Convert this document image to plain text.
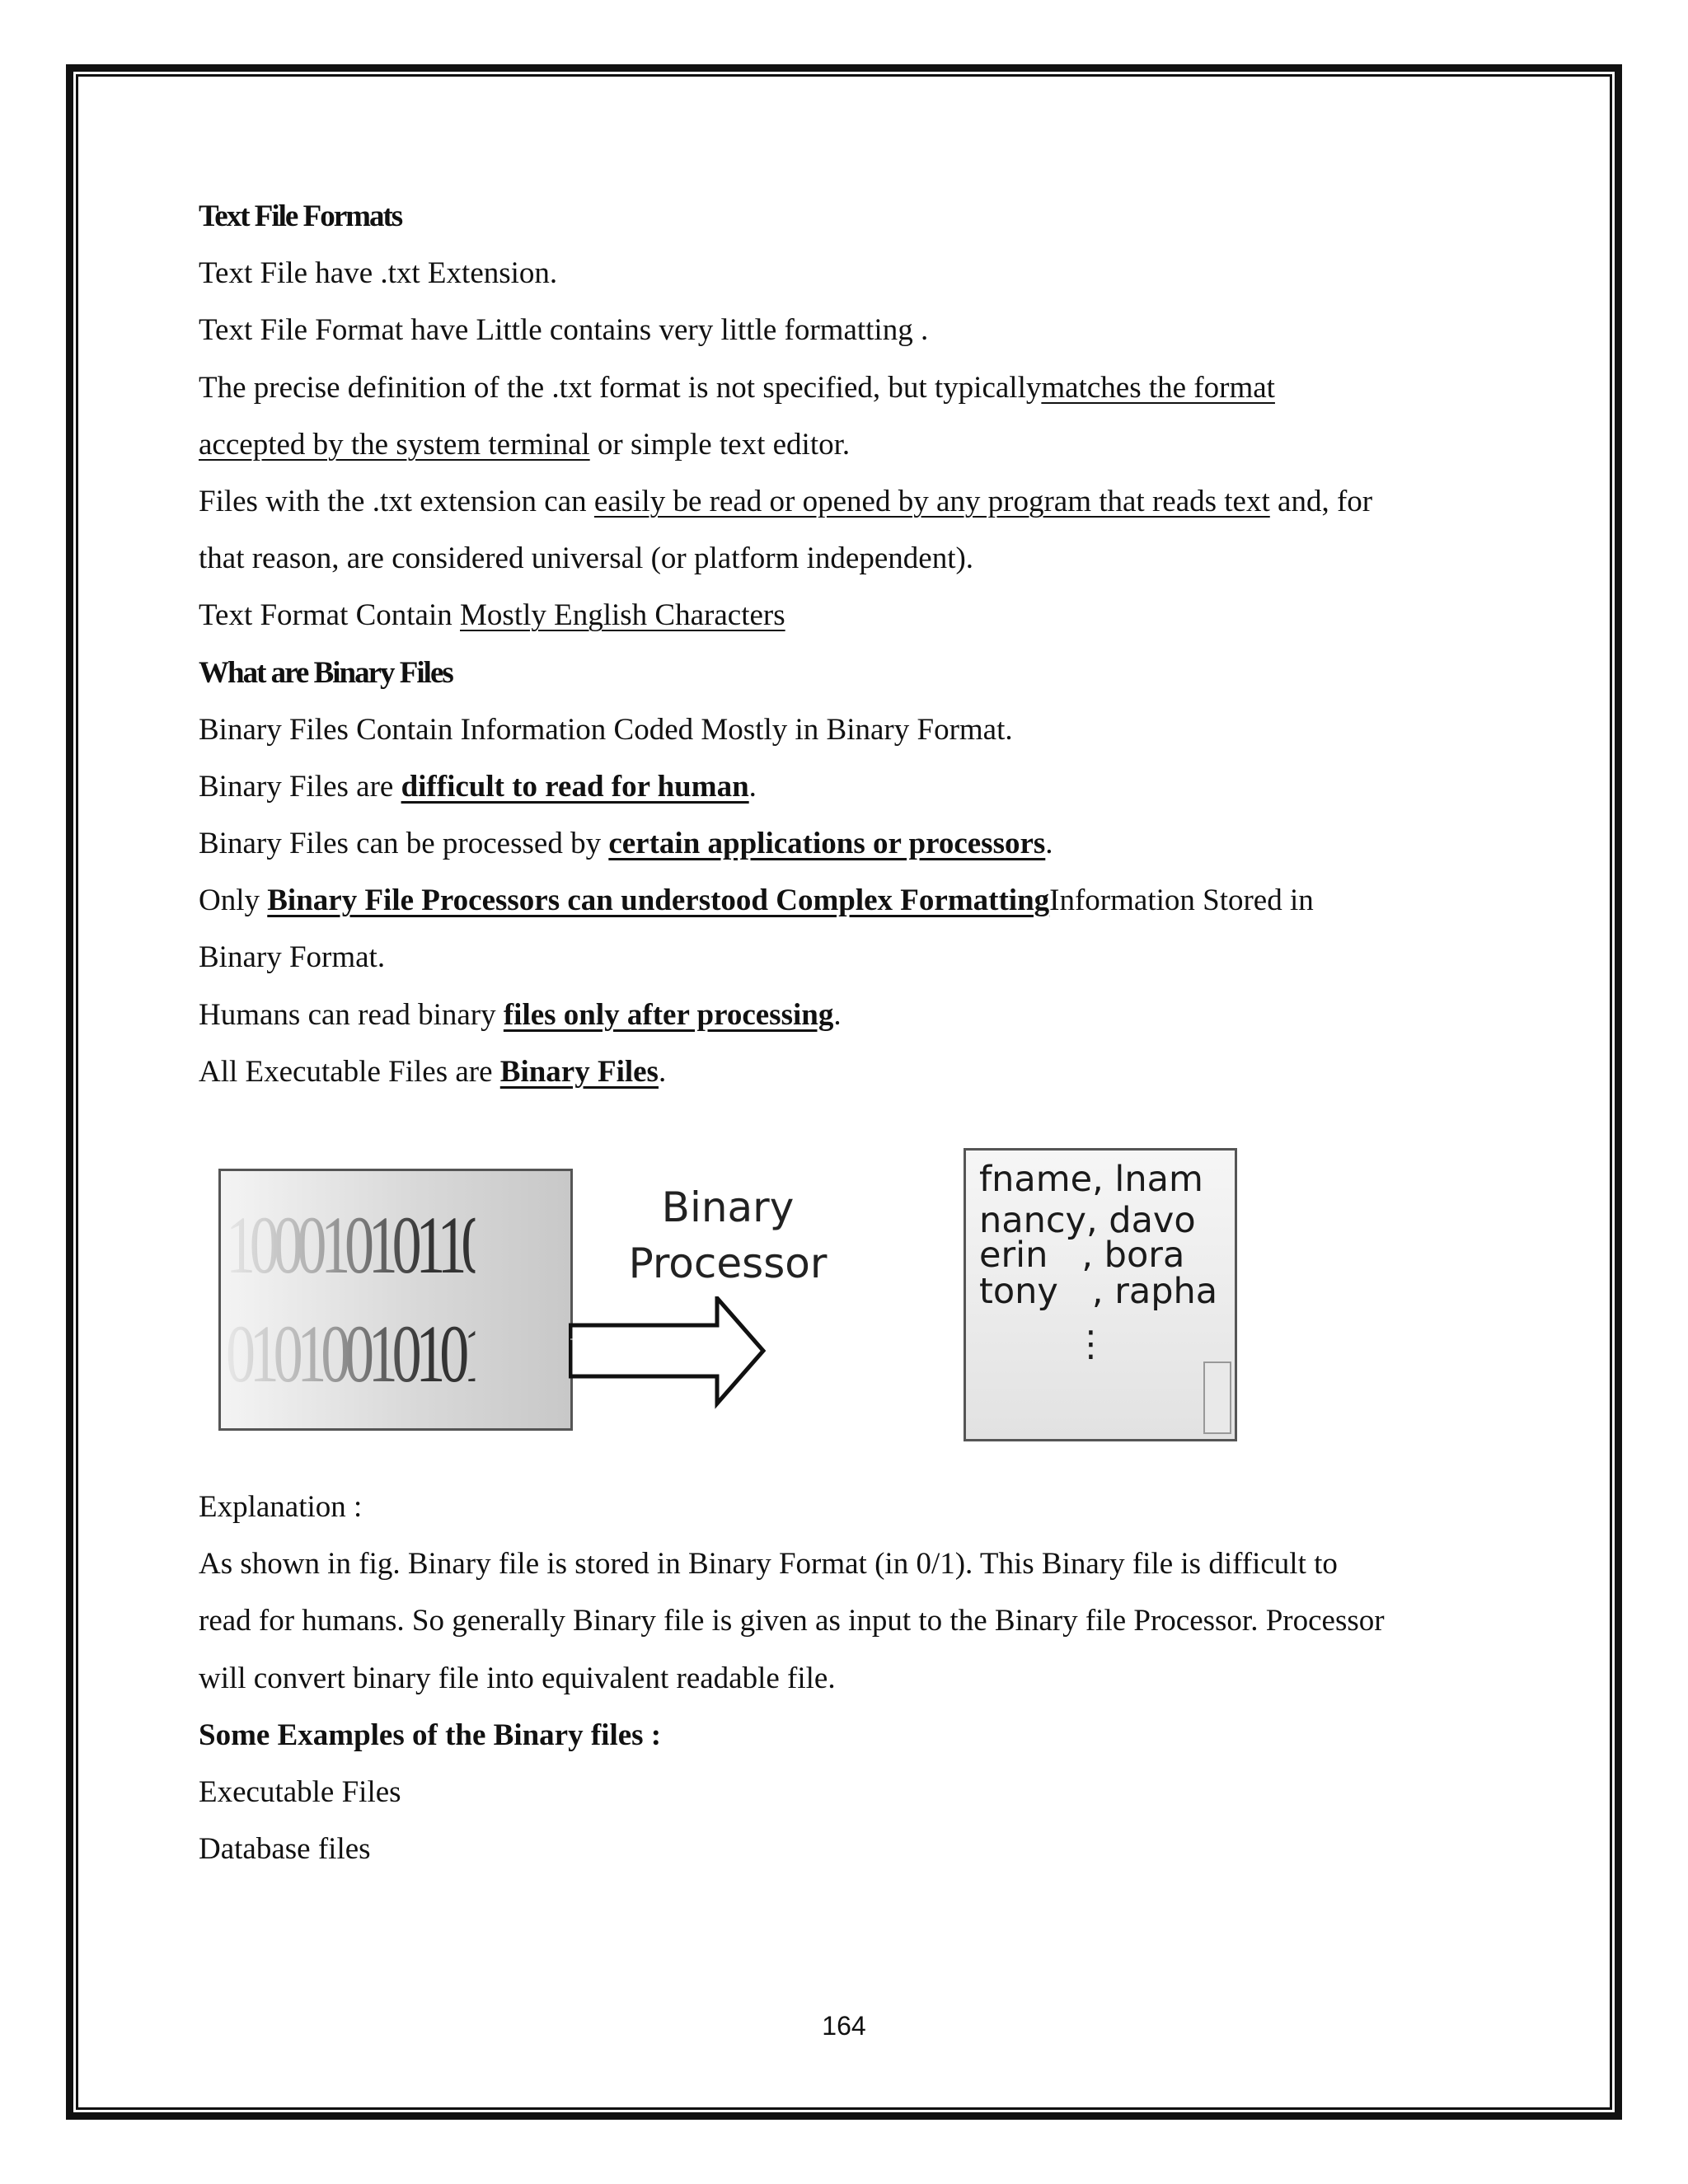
Text File Formats
Text File have .txt Extension.
Text File Format have Little contains very little formatting .
The precise definition of the .txt format is not specified, but typicallymatches the format
accepted by the system terminal or simple text editor.
Files with the .txt extension can easily be read or opened by any program that reads text and, for
that reason, are considered universal (or platform independent).
Text Format Contain Mostly English Characters
What are Binary Files
Binary Files Contain Information Coded Mostly in Binary Format.
Binary Files are difficult to read for human.
Binary Files can be processed by certain applications or processors.
Only Binary File Processors can understood Complex FormattingInformation Stored in
Binary Format.
Humans can read binary files only after processing.
All Executable Files are Binary Files.
10001010110101
01010010101111
Binary
Processor
fname, lnam
nancy, davo
erin   , bora
tony   , rapha
⋮
Explanation :
As shown in fig. Binary file is stored in Binary Format (in 0/1). This Binary file is difficult to
read for humans. So generally Binary file is given as input to the Binary file Processor. Processor
will convert binary file into equivalent readable file.
Some Examples of the Binary files :
Executable Files
Database files
164
